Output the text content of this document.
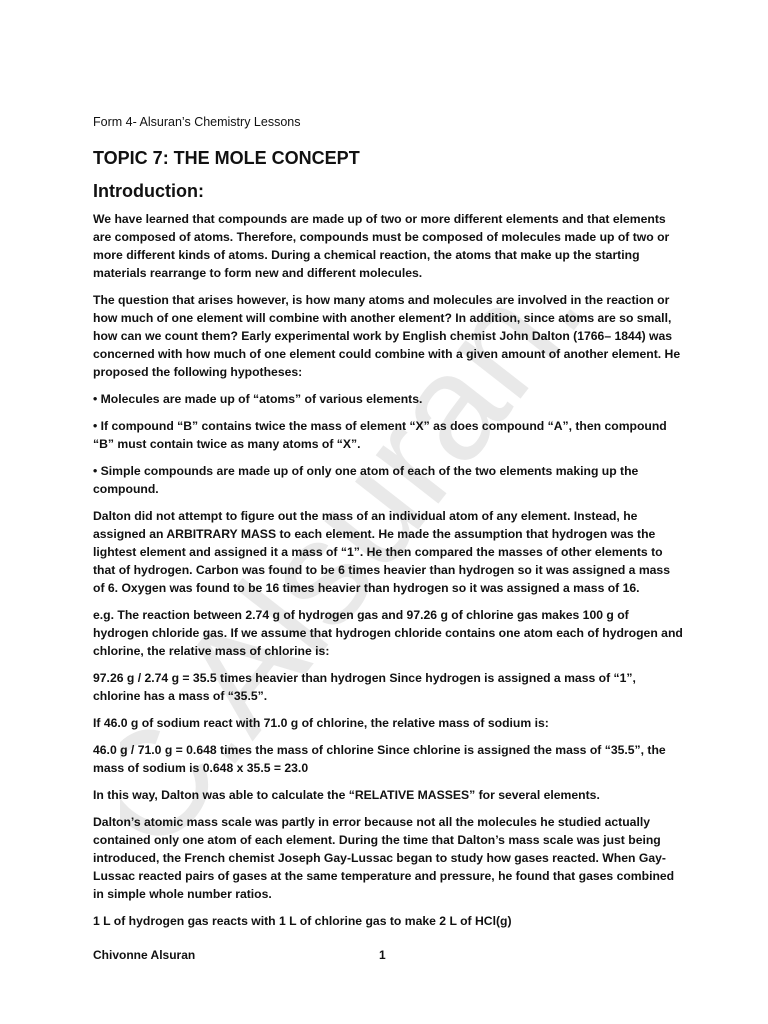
C.Alsuran.

Form 4- Alsuran’s Chemistry Lessons

TOPIC 7: THE MOLE CONCEPT
Introduction:

We have learned that compounds are made up of two or more different elements and that elements are composed of atoms. Therefore, compounds must be composed of molecules made up of two or more different kinds of atoms. During a chemical reaction, the atoms that make up the starting materials rearrange to form new and different molecules.

The question that arises however, is how many atoms and molecules are involved in the reaction or how much of one element will combine with another element? In addition, since atoms are so small, how can we count them? Early experimental work by English chemist John Dalton (1766– 1844) was concerned with how much of one element could combine with a given amount of another element. He proposed the following hypotheses:

• Molecules are made up of “atoms” of various elements.

• If compound “B” contains twice the mass of element “X” as does compound “A”, then compound “B” must contain twice as many atoms of “X”.

• Simple compounds are made up of only one atom of each of the two elements making up the compound.

Dalton did not attempt to figure out the mass of an individual atom of any element. Instead, he assigned an ARBITRARY MASS to each element. He made the assumption that hydrogen was the lightest element and assigned it a mass of “1”. He then compared the masses of other elements to that of hydrogen. Carbon was found to be 6 times heavier than hydrogen so it was assigned a mass of 6. Oxygen was found to be 16 times heavier than hydrogen so it was assigned a mass of 16.

e.g. The reaction between 2.74 g of hydrogen gas and 97.26 g of chlorine gas makes 100 g of hydrogen chloride gas. If we assume that hydrogen chloride contains one atom each of hydrogen and chlorine, the relative mass of chlorine is:

97.26 g / 2.74 g = 35.5 times heavier than hydrogen Since hydrogen is assigned a mass of “1”, chlorine has a mass of “35.5”.

If 46.0 g of sodium react with 71.0 g of chlorine, the relative mass of sodium is:

46.0 g / 71.0 g = 0.648 times the mass of chlorine Since chlorine is assigned the mass of “35.5”, the mass of sodium is 0.648 x 35.5 = 23.0

In this way, Dalton was able to calculate the “RELATIVE MASSES” for several elements.

Dalton’s atomic mass scale was partly in error because not all the molecules he studied actually contained only one atom of each element. During the time that Dalton’s mass scale was just being introduced, the French chemist Joseph Gay-Lussac began to study how gases reacted. When Gay-Lussac reacted pairs of gases at the same temperature and pressure, he found that gases combined in simple whole number ratios.

1 L of hydrogen gas reacts with 1 L of chlorine gas to make 2 L of HCl(g)

Chivonne Alsuran	1
